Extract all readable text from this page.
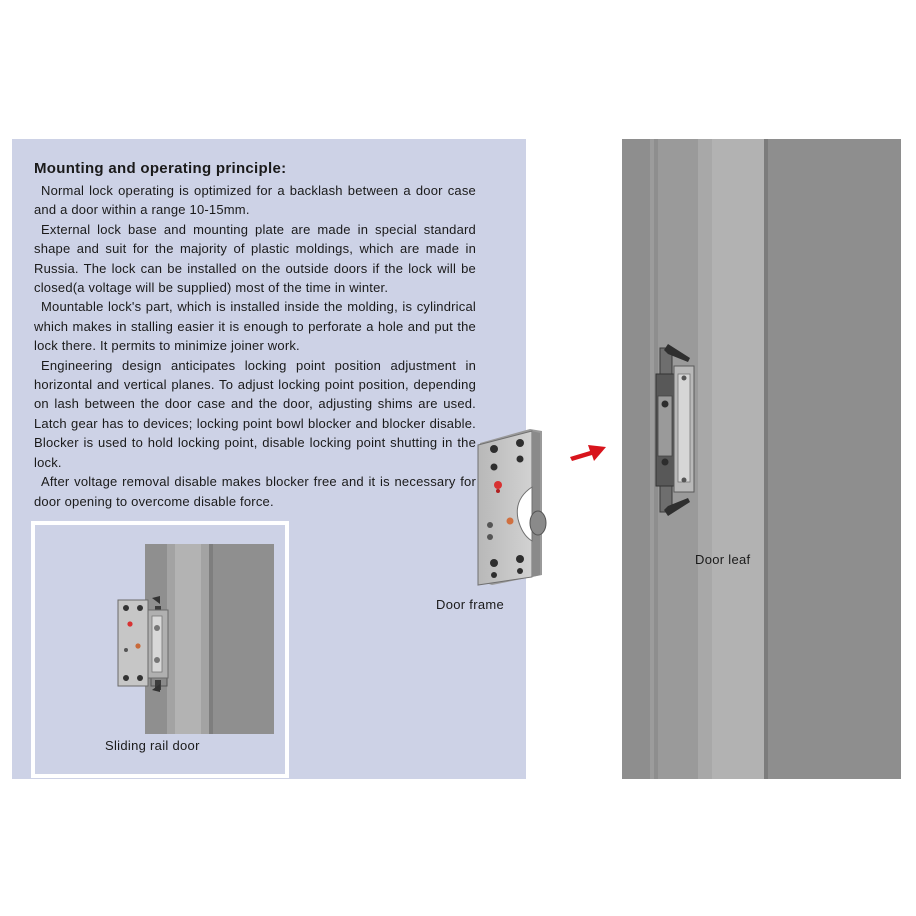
Mounting and operating principle:

Normal lock operating is optimized for a backlash between a door case and a door within a range 10-15mm.

External lock base and mounting plate are made in special standard shape and suit for the majority of plastic moldings, which are made in Russia. The lock can be installed on the outside doors if the lock will be closed(a voltage will be supplied) most of the time in winter.

Mountable lock's part, which is installed inside the molding, is cylindrical which makes in stalling easier it is enough to perforate a hole and put the lock there. It permits to minimize joiner work.

Engineering design anticipates locking point position adjustment in horizontal and vertical planes. To adjust locking point position, depending on lash between the door case and the door, adjusting shims are used. Latch gear has to devices; locking point bowl blocker and blocker disable. Blocker is used to hold locking point, disable locking point shutting in the lock.

After voltage removal disable makes blocker free and it is necessary for door opening to overcome disable force.

Sliding rail door
Door frame
Door leaf
